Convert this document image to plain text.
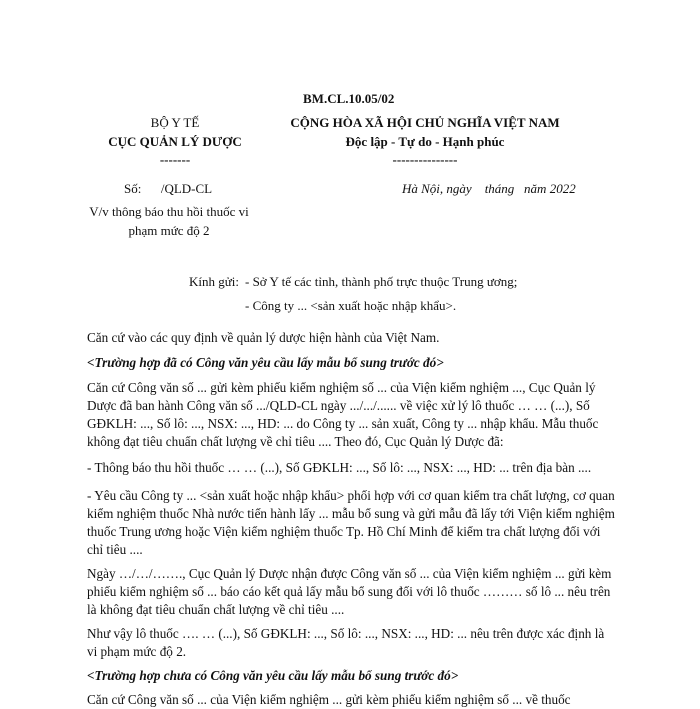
BM.CL.10.05/02
BỘ Y TẾ
CỤC QUẢN LÝ DƯỢC
-------
CỘNG HÒA XÃ HỘI CHỦ NGHĨA VIỆT NAM
Độc lập - Tự do - Hạnh phúc
---------------
Số:      /QLD-CL	Hà Nội, ngày    tháng   năm 2022
V/v thông báo thu hồi thuốc vi
phạm mức độ 2
Kính gửi: - Sở Y tế các tỉnh, thành phố trực thuộc Trung ương;
- Công ty ... <sản xuất hoặc nhập khẩu>.

Căn cứ vào các quy định về quản lý dược hiện hành của Việt Nam.

<Trường hợp đã có Công văn yêu cầu lấy mẫu bổ sung trước đó>

Căn cứ Công văn số ... gửi kèm phiếu kiểm nghiệm số ... của Viện kiểm nghiệm ..., Cục Quản lý Dược đã ban hành Công văn số .../QLD-CL ngày .../.../...... về việc xử lý lô thuốc … … (...), Số GĐKLH: ..., Số lô: ..., NSX: ..., HD: ... do Công ty ... sản xuất, Công ty ... nhập khẩu. Mẫu thuốc không đạt tiêu chuẩn chất lượng về chỉ tiêu .... Theo đó, Cục Quản lý Dược đã:

- Thông báo thu hồi thuốc … … (...), Số GĐKLH: ..., Số lô: ..., NSX: ..., HD: ... trên địa bàn ....

- Yêu cầu Công ty ... <sản xuất hoặc nhập khẩu> phối hợp với cơ quan kiểm tra chất lượng, cơ quan kiểm nghiệm thuốc Nhà nước tiến hành lấy ... mẫu bổ sung và gửi mẫu đã lấy tới Viện kiểm nghiệm thuốc Trung ương hoặc Viện kiểm nghiệm thuốc Tp. Hồ Chí Minh để kiểm tra chất lượng đối với chỉ tiêu ....

Ngày …/…/……., Cục Quản lý Dược nhận được Công văn số ... của Viện kiểm nghiệm ... gửi kèm phiếu kiểm nghiệm số ... báo cáo kết quả lấy mẫu bổ sung đối với lô thuốc ……… số lô ... nêu trên là không đạt tiêu chuẩn chất lượng về chỉ tiêu ....

Như vậy lô thuốc …. … (...), Số GĐKLH: ..., Số lô: ..., NSX: ..., HD: ... nêu trên được xác định là vi phạm mức độ 2.

<Trường hợp chưa có Công văn yêu cầu lấy mẫu bổ sung trước đó>

Căn cứ Công văn số ... của Viện kiểm nghiệm ... gửi kèm phiếu kiểm nghiệm số ... về thuốc
